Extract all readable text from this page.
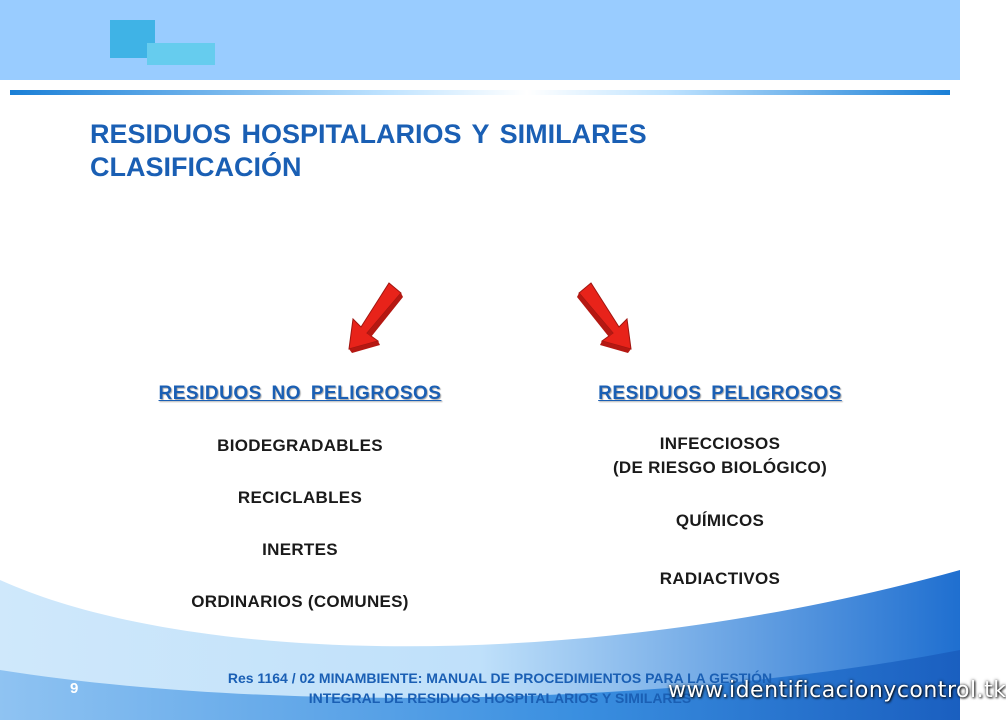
RESIDUOS HOSPITALARIOS Y SIMILARES
CLASIFICACIÓN
RESIDUOS NO PELIGROSOS
BIODEGRADABLES
RECICLABLES
INERTES
ORDINARIOS (COMUNES)
RESIDUOS PELIGROSOS
INFECCIOSOS
(DE RIESGO BIOLÓGICO)
QUÍMICOS
RADIACTIVOS
Res 1164 / 02 MINAMBIENTE: MANUAL DE PROCEDIMIENTOS PARA LA GESTIÓN
INTEGRAL DE RESIDUOS HOSPITALARIOS Y SIMILARES
9	www.identificacionycontrol.tk
